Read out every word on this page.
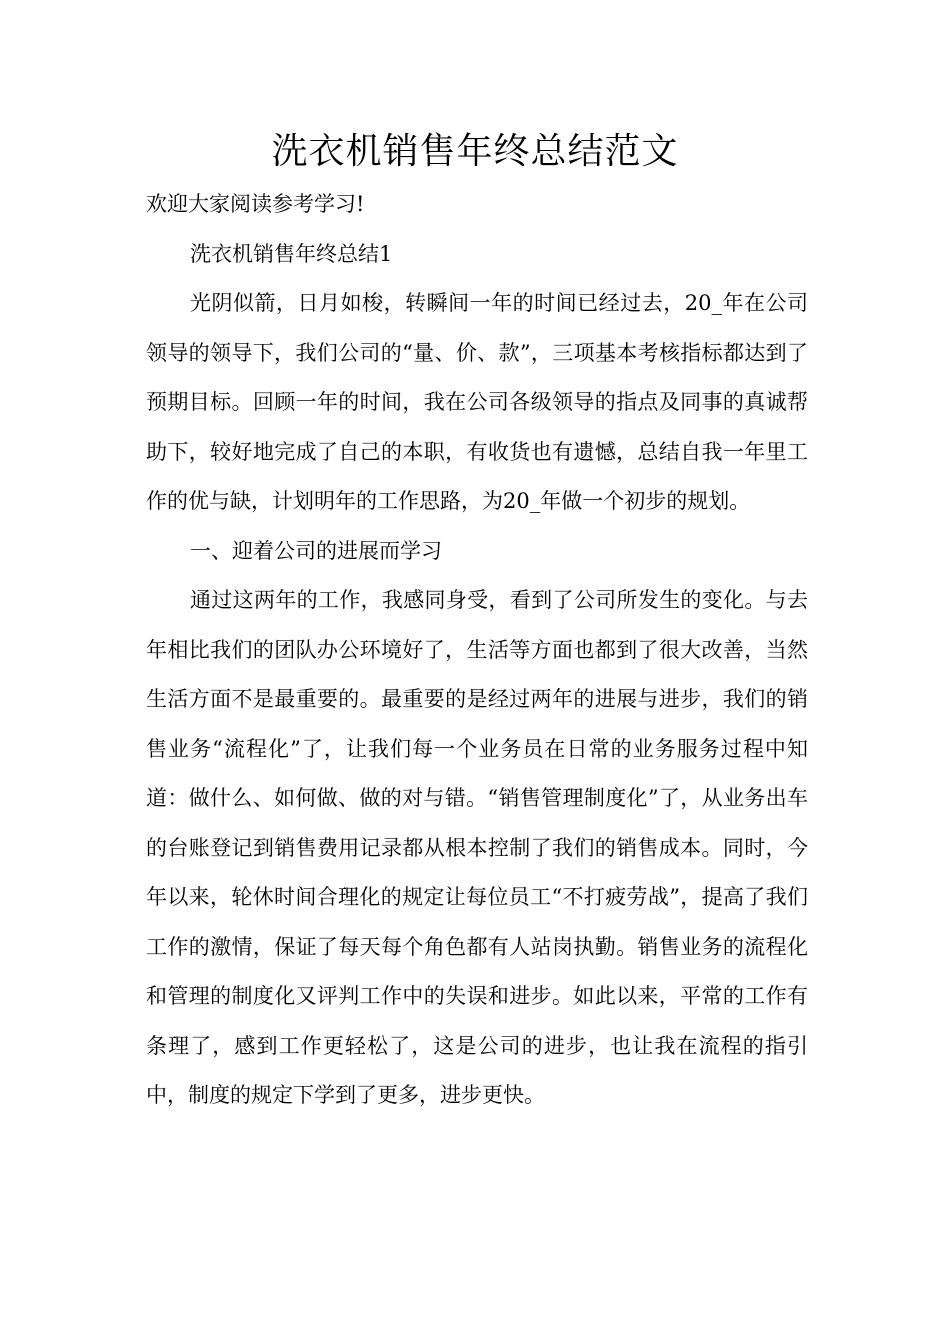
洗衣机销售年终总结范文

欢迎大家阅读参考学习!

洗衣机销售年终总结1

光阴似箭，日月如梭，转瞬间一年的时间已经过去，20_年在公司领导的领导下，我们公司的“量、价、款”，三项基本考核指标都达到了预期目标。回顾一年的时间，我在公司各级领导的指点及同事的真诚帮助下，较好地完成了自己的本职，有收货也有遗憾，总结自我一年里工作的优与缺，计划明年的工作思路，为20_年做一个初步的规划。

一、迎着公司的进展而学习

通过这两年的工作，我感同身受，看到了公司所发生的变化。与去年相比我们的团队办公环境好了，生活等方面也都到了很大改善，当然生活方面不是最重要的。最重要的是经过两年的进展与进步，我们的销售业务“流程化”了，让我们每一个业务员在日常的业务服务过程中知道：做什么、如何做、做的对与错。“销售管理制度化”了，从业务出车的台账登记到销售费用记录都从根本控制了我们的销售成本。同时，今年以来，轮休时间合理化的规定让每位员工“不打疲劳战”，提高了我们工作的激情，保证了每天每个角色都有人站岗执勤。销售业务的流程化和管理的制度化又评判工作中的失误和进步。如此以来，平常的工作有条理了，感到工作更轻松了，这是公司的进步，也让我在流程的指引中，制度的规定下学到了更多，进步更快。
